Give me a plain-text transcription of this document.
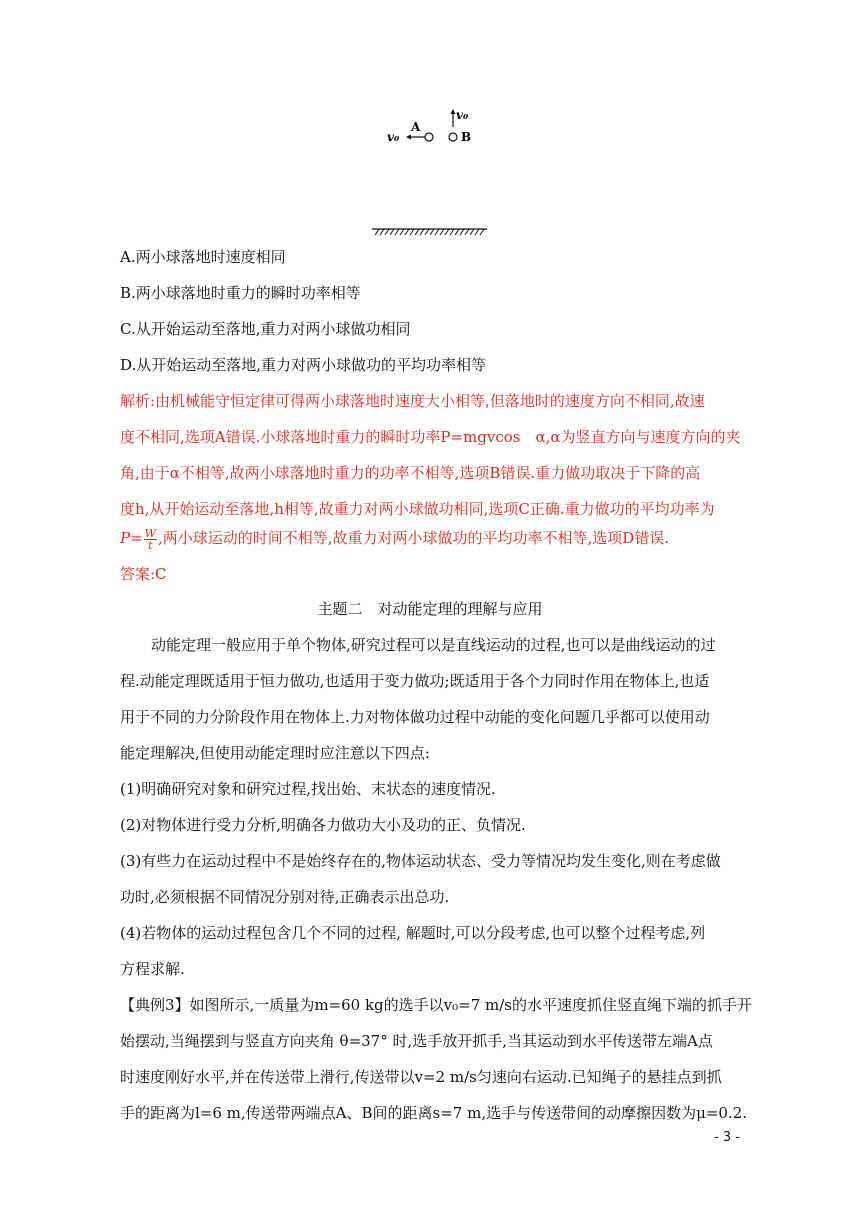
v₀
A
v₀
B
A.两小球落地时速度相同
B.两小球落地时重力的瞬时功率相等
C.从开始运动至落地,重力对两小球做功相同
D.从开始运动至落地,重力对两小球做功的平均功率相等
解析:由机械能守恒定律可得两小球落地时速度大小相等,但落地时的速度方向不相同,故速
度不相同,选项A错误.小球落地时重力的瞬时功率P=mgvcos　α,α为竖直方向与速度方向的夹
角,由于α不相等,故两小球落地时重力的功率不相等,选项B错误.重力做功取决于下降的高
度h,从开始运动至落地,h相等,故重力对两小球做功相同,选项C正确.重力做功的平均功率为
$P= \frac{W}{t}$ ,两小球运动的时间不相等,故重力对两小球做功的平均功率不相等,选项D错误.
答案:C
主题二　对动能定理的理解与应用
动能定理一般应用于单个物体,研究过程可以是直线运动的过程,也可以是曲线运动的过
程.动能定理既适用于恒力做功,也适用于变力做功;既适用于各个力同时作用在物体上,也适
用于不同的力分阶段作用在物体上.力对物体做功过程中动能的变化问题几乎都可以使用动
能定理解决,但使用动能定理时应注意以下四点:
(1)明确研究对象和研究过程,找出始、末状态的速度情况.
(2)对物体进行受力分析,明确各力做功大小及功的正、负情况.
(3)有些力在运动过程中不是始终存在的,物体运动状态、受力等情况均发生变化,则在考虑做
功时,必须根据不同情况分别对待,正确表示出总功.
(4)若物体的运动过程包含几个不同的过程, 解题时,可以分段考虑,也可以整个过程考虑,列
方程求解.
【典例3】如图所示,一质量为m=60 kg的选手以v₀=7 m/s的水平速度抓住竖直绳下端的抓手开
始摆动,当绳摆到与竖直方向夹角 θ=37° 时,选手放开抓手,当其运动到水平传送带左端A点
时速度刚好水平,并在传送带上滑行,传送带以v=2 m/s匀速向右运动.已知绳子的悬挂点到抓
手的距离为l=6 m,传送带两端点A、B间的距离s=7 m,选手与传送带间的动摩擦因数为μ=0.2.
- 3 -
